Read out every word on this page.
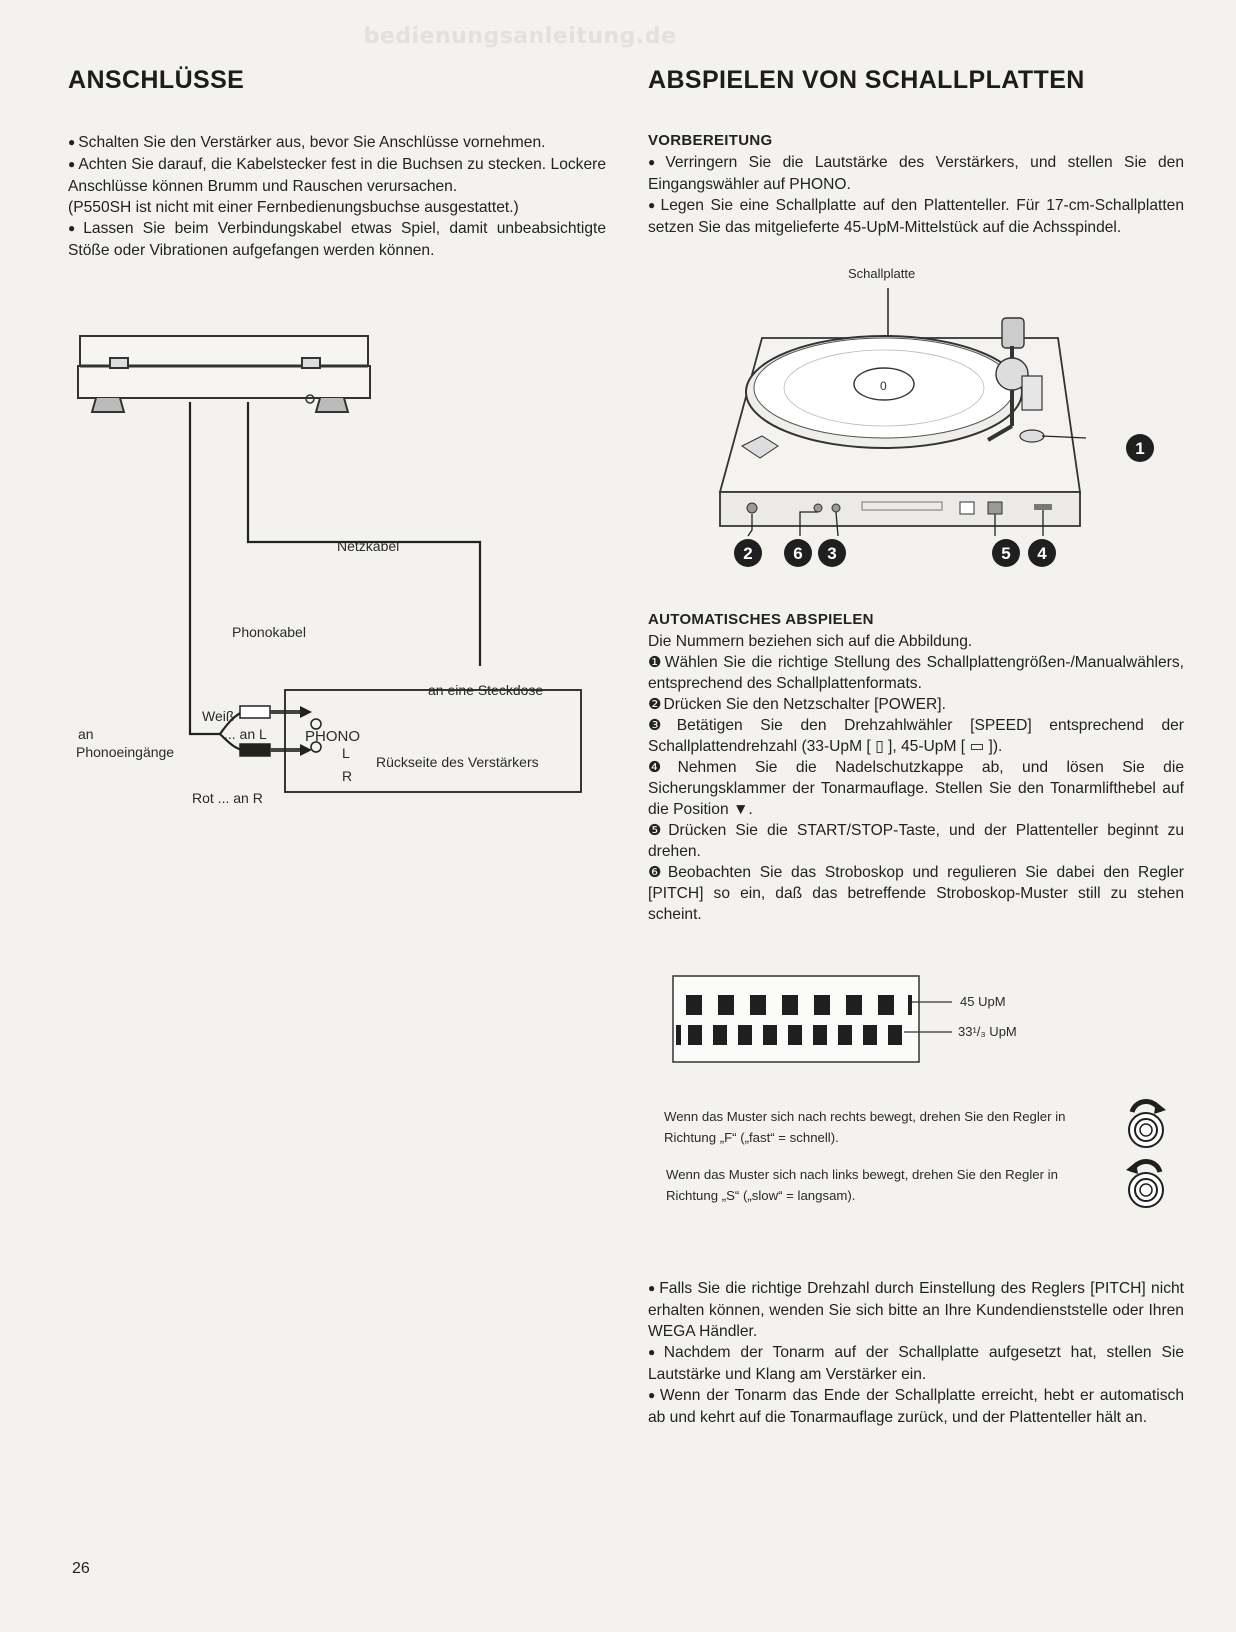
bedienungsanleitung.de
ANSCHLÜSSE

● Schalten Sie den Verstärker aus, bevor Sie Anschlüsse vornehmen.

● Achten Sie darauf, die Kabelstecker fest in die Buchsen zu stecken. Lockere Anschlüsse können Brumm und Rauschen verursachen.

(P550SH ist nicht mit einer Fernbedienungsbuchse ausgestattet.)

● Lassen Sie beim Verbindungskabel etwas Spiel, damit unbeabsichtigte Stöße oder Vibrationen aufgefangen werden können.

Netzkabel
Phonokabel
an eine Steckdose
Weiß
... an L
an
Phonoeingänge
Rot ... an R
PHONO
L
R
Rückseite des Verstärkers
ABSPIELEN VON SCHALLPLATTEN
VORBEREITUNG

● Verringern Sie die Lautstärke des Verstärkers, und stellen Sie den Eingangswähler auf PHONO.

● Legen Sie eine Schallplatte auf den Plattenteller. Für 17-cm-Schallplatten setzen Sie das mitgelieferte 45-UpM-Mittelstück auf die Achsspindel.

Schallplatte
0
1
2 6 3	5 4
AUTOMATISCHES ABSPIELEN

Die Nummern beziehen sich auf die Abbildung.

❶ Wählen Sie die richtige Stellung des Schallplattengrößen-/Manualwählers, entsprechend des Schallplattenformats.

❷ Drücken Sie den Netzschalter [POWER].

❸ Betätigen Sie den Drehzahlwähler [SPEED] entsprechend der Schallplattendrehzahl (33-UpM [ ▯ ], 45-UpM [ ▭ ]).

❹ Nehmen Sie die Nadelschutzkappe ab, und lösen Sie die Sicherungsklammer der Tonarmauflage. Stellen Sie den Tonarmlifthebel auf die Position ▼.

❺ Drücken Sie die START/STOP-Taste, und der Plattenteller beginnt zu drehen.

❻ Beobachten Sie das Stroboskop und regulieren Sie dabei den Regler [PITCH] so ein, daß das betreffende Stroboskop-Muster still zu stehen scheint.

45 UpM
33¹/₃ UpM
Wenn das Muster sich nach rechts bewegt, drehen Sie den Regler in Richtung „F“ („fast“ = schnell).
Wenn das Muster sich nach links bewegt, drehen Sie den Regler in Richtung „S“ („slow“ = langsam).

● Falls Sie die richtige Drehzahl durch Einstellung des Reglers [PITCH] nicht erhalten können, wenden Sie sich bitte an Ihre Kundendienststelle oder Ihren WEGA Händler.

● Nachdem der Tonarm auf der Schallplatte aufgesetzt hat, stellen Sie Lautstärke und Klang am Verstärker ein.

● Wenn der Tonarm das Ende der Schallplatte erreicht, hebt er automatisch ab und kehrt auf die Tonarmauflage zurück, und der Plattenteller hält an.

26
